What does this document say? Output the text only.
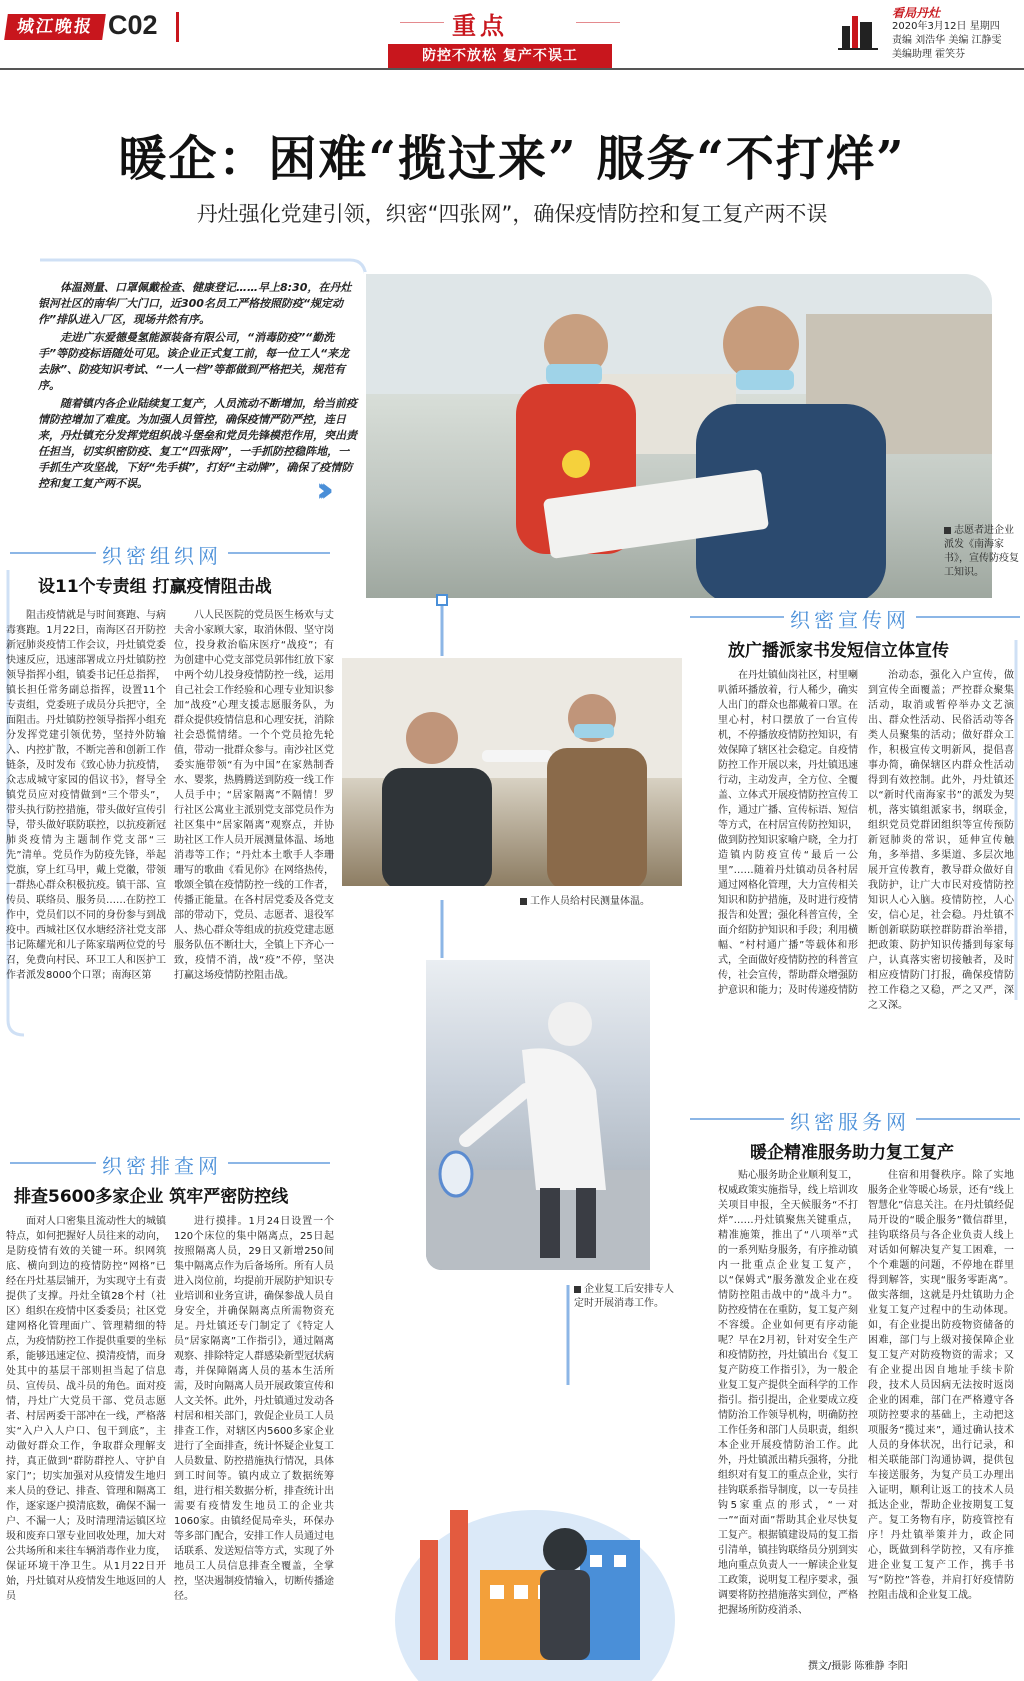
城江晚报 C02	重点
防控不放松 复产不误工
看局丹灶
2020年3月12日 星期四
责编 刘浩华 美编 江静雯
美编助理 霍笑芬
暖企：困难“揽过来” 服务“不打烊”
丹灶强化党建引领，织密“四张网”，确保疫情防控和复工复产两不误

体温测量、口罩佩戴检查、健康登记……早上8:30，在丹灶银河社区的南华厂大门口，近300名员工严格按照防疫“规定动作”排队进入厂区，现场井然有序。

走进广东爱德曼氢能源装备有限公司，“消毒防疫”“勤洗手”等防疫标语随处可见。该企业正式复工前，每一位工人“来龙去脉”、防疫知识考试、“一人一档”等都做到严格把关，规范有序。

随着镇内各企业陆续复工复产，人员流动不断增加，给当前疫情防控增加了难度。为加强人员管控，确保疫情严防严控，连日来，丹灶镇充分发挥党组织战斗堡垒和党员先锋模范作用，突出责任担当，切实织密防疫、复工“四张网”，一手抓防控稳阵地，一手抓生产攻坚战，下好“先手棋”，打好“主动牌”，确保了疫情防控和复工复产两不误。	›››
志愿者进企业派发《南海家书》，宣传防疫复工知识。
织密组织网
设11个专责组 打赢疫情阻击战

阻击疫情就是与时间赛跑、与病毒赛跑。1月22日，南海区召开防控新冠肺炎疫情工作会议，丹灶镇党委快速反应，迅速部署成立丹灶镇防控领导指挥小组，镇委书记任总指挥，镇长担任常务副总指挥，设置11个专责组，党委班子成员分兵把守，全面阻击。丹灶镇防控领导指挥小组充分发挥党建引领优势，坚持外防输入、内控扩散，不断完善和创新工作链条，及时发布《致心协力抗疫情，众志成城守家园的倡议书》，督导全镇党员应对疫情做到“三个带头”，带头执行防控措施，带头做好宣传引导，带头做好联防联控，以抗疫新冠肺炎疫情为主题制作党支部“三先”清单。党员作为防疫先锋，举起党旗，穿上红马甲，戴上党徽，带领一群热心群众积极抗疫。镇干部、宣传员、联络员、服务员……在防控工作中，党员们以不同的身份参与到战疫中。西城社区仅水塘经济社党支部书记陈耀光和儿子陈家瑞两位党的号召，免费向村民、环卫工人和医护工作者派发8000个口罩；南海区第

八人民医院的党员医生杨欢与丈夫舍小家顾大家，取消休假、坚守岗位，投身救治临床医疗“战疫”；有为创建中心党支部党员郭伟红放下家中两个幼儿投身疫情防控一线，运用自己社会工作经验和心理专业知识参加“战疫”心理支援志愿服务队，为群众提供疫情信息和心理安抚，消除社会恐慌情绪。一个个党员抢先轮值，带动一批群众参与。南沙社区党委实施带领“有为中国”在家熟制香水、婴浆，热腾腾送到防疫一线工作人员手中；“居家隔离”不隔情！罗行社区公寓业主派别党支部党员作为社区集中“居家隔离”观察点，并协助社区工作人员开展测量体温、场地消毒等工作；“丹灶本土歌手人李珊珊写的歌曲《看见你》在网络热传，歌颂全镇在疫情防控一线的工作者，传播正能量。在各村居党委及各党支部的带动下，党员、志愿者、退役军人、热心群众等组成的抗疫党建志愿服务队伍不断壮大，全镇上下齐心一致，疫情不消，战“疫”不停，坚决打赢这场疫情防控阻击战。

工作人员给村民测量体温。
织密宣传网
放广播派家书发短信立体宣传

在丹灶镇仙岗社区，村里喇叭循环播放着，行人稀少，确实人出门的群众也都戴着口罩。在里心村，村口摆放了一台宣传机，不停播放疫情防控知识，有效保障了辖区社会稳定。自疫情防控工作开展以来，丹灶镇迅速行动，主动发声，全方位、全覆盖、立体式开展疫情防控宣传工作，通过广播、宣传标语、短信等方式，在村居宣传防控知识，做到防控知识家喻户晓，全力打造镇内防疫宣传“最后一公里”……随着丹灶镇动员各村居通过网格化管理，大力宣传相关知识和防护措施，及时进行疫情报告和处置；强化科普宣传，全面介绍防护知识和手段；利用横幅、“村村通广播”等载体和形式，全面做好疫情防控的科普宣传，社会宣传，帮助群众增强防护意识和能力；及时传递疫情防

治动态，强化入户宣传，做到宣传全面覆盖；严控群众聚集活动，取消或暂停举办文艺演出、群众性活动、民俗活动等各类人员聚集的活动；做好群众工作，积极宣传文明新风，提倡喜事办简，确保辖区内群众性活动得到有效控制。此外，丹灶镇还以“新时代南海家书”的派发为契机，落实镇组派家书，纲联金，组织党员党群团组织等宣传预防新冠肺炎的常识，延伸宣传触角，多举措、多渠道、多层次地展开宣传教育，教导群众做好自我防护，让广大市民对疫情防控知识人心入脑。疫情防控，人心安，信心足，社会稳。丹灶镇不断创新联防联控群防群治举措，把政策、防护知识传播到每家每户，认真落实密切接触者，及时相应疫情防门打报，确保疫情防控工作稳之又稳，严之又严，深之又深。

企业复工后安排专人定时开展消毒工作。
织密排查网
排查5600多家企业 筑牢严密防控线

面对人口密集且流动性大的城镇特点，如何把握好人员往来的动向，是防疫情有效的关键一环。织网筑底、横向到边的疫情防控“网格”已经在丹灶基层铺开，为实现守土有责提供了支撑。丹灶全镇28个村（社区）组织在疫情中区委委员；社区党建网格化管理面广、管理精细的特点，为疫情防控工作提供重要的坐标系，能够迅速定位、摸清疫情，而身处其中的基层干部则担当起了信息员、宣传员、战斗员的角色。面对疫情，丹灶广大党员干部、党员志愿者、村居两委干部冲在一线，严格落实“入户入人户口、包干到底”，主动做好群众工作，争取群众理解支持，真正做到“群防群控人、守护自家门”；切实加强对从疫情发生地归来人员的登记、排查、管理和隔离工作，逐家逐户摸清底数，确保不漏一户、不漏一人；及时清理清运镇区垃圾和废弃口罩专业回收处理，加大对公共场所和来往车辆消毒作业力度，保证环境干净卫生。从1月22日开始，丹灶镇对从疫情发生地返回的人员

进行摸排。1月24日设置一个120个床位的集中隔离点，25日起按照隔离人员，29日又新增250间集中隔离点作为后备场所。所有人员进入岗位前，均提前开展防护知识专业培训和业务宣讲，确保参战人员自身安全，并确保隔离点所需物资充足。丹灶镇还专门制定了《特定人员“居家隔离”工作指引》，通过隔离观察、排除特定人群感染新型冠状病毒，并保障隔离人员的基本生活所需，及时向隔离人员开展政策宣传和人文关怀。此外，丹灶镇通过发动各村居和相关部门，敦促企业员工人员排查工作，对辖区内5600多家企业进行了全面排查，统计怀疑企业复工人员数量、防控措施执行情况，具体到工时间等。镇内成立了数据统筹组，进行相关数据分析，排查统计出需要有疫情发生地员工的企业共1060家。由镇经促局牵头，环保办等多部门配合，安排工作人员通过电话联系、发送短信等方式，实现了外地员工人员信息排查全覆盖，全掌控，坚决遏制疫情输入，切断传播途径。

织密服务网
暖企精准服务助力复工复产

贴心服务助企业顺利复工，权威政策实施指导，线上培训攻关项目申报，全天候服务“不打烊”……丹灶镇聚焦关键重点，精准施策，推出了“八项举”式的一系列贴身服务，有序推动镇内一批重点企业复工复产，以“保姆式”服务激发企业在疫情防控阻击战中的“战斗力”。防控疫情在在重防，复工复产刻不容缓。企业如何更有序动能呢？早在2月初，针对安全生产和疫情防控，丹灶镇出台《复工复产防疫工作指引》，为一般企业复工复产提供全面科学的工作指引。指引提出，企业要成立疫情防治工作领导机构，明确防控工作任务和部门人员职责，组织本企业开展疫情防治工作。此外，丹灶镇派出精兵强将，分批组织对有复工的重点企业，实行挂钩联系指导制度，以一专员挂钩5家重点的形式，“一对一”“面对面”帮助其企业尽快复工复产。根据镇建设局的复工指引清单，镇挂钩联络员分别到实地向重点负责人一一解读企业复工政策，说明复工程序要求，强调要将防控措施落实到位，严格把握场所防疫消杀、

住宿和用餐秩序。除了实地服务企业等暖心场景，还有“线上智慧化”信息关注。在丹灶镇经促局开设的“暖企服务”微信群里，挂钩联络员与各企业负责人线上对话如何解决复产复工困难，一个个难题的问题，不停地在群里得到解答，实现“服务零距离”。做实落细，这就是丹灶镇助力企业复工复产过程中的生动体现。如，有企业提出防疫物资储备的困难，部门与上级对接保障企业复工复产对防疫物资的需求；又有企业提出因自地址手续卡阶段，技术人员因病无法按时返岗企业的困难，部门在严格遵守各项防控要求的基础上，主动把这项服务“揽过来”，通过确认技术人员的身体状况，出行记录，和相关联能部门沟通协调，提供包车接送服务，为复产员工办理出入证明，顺利让返工的技术人员抵达企业，帮助企业按期复工复产。复工务物有序，防疫管控有序！丹灶镇举策并力，政企同心，既做到科学防控，又有序推进企业复工复产工作，携手书写“防控”答卷，并肩打好疫情防控阻击战和企业复工战。

撰文/摄影 陈雅静 李阳
